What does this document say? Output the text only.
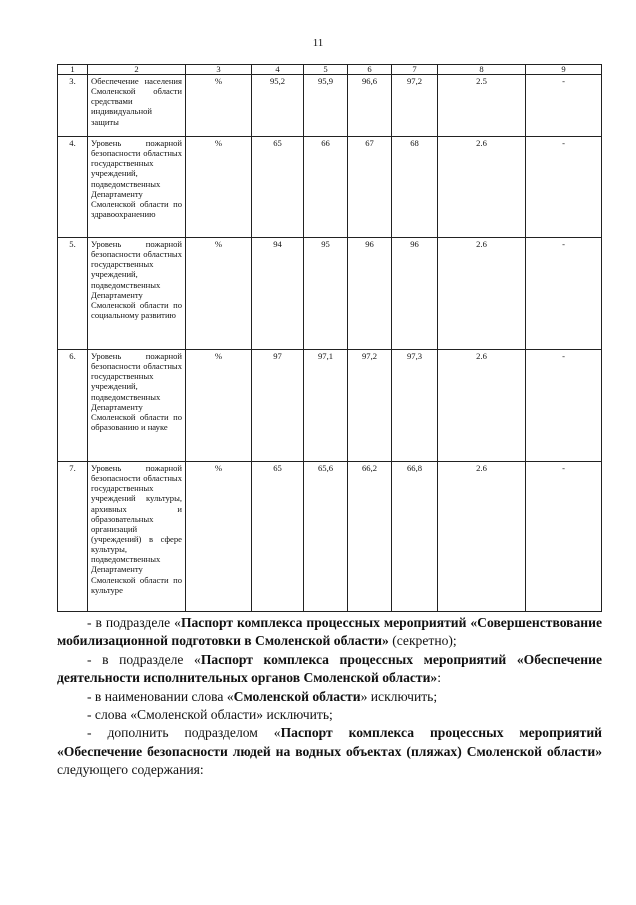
11
1	2	3	4	5	6	7	8	9
3.	Обеспечение населения Смоленской области средствами индивидуальной защиты	%	95,2	95,9	96,6	97,2	2.5	-
4.	Уровень пожарной безопасности областных государственных учреждений, подведомственных Департаменту Смоленской области по здравоохранению	%	65	66	67	68	2.6	-
5.	Уровень пожарной безопасности областных государственных учреждений, подведомственных Департаменту Смоленской области по социальному развитию	%	94	95	96	96	2.6	-
6.	Уровень пожарной безопасности областных государственных учреждений, подведомственных Департаменту Смоленской области по образованию и науке	%	97	97,1	97,2	97,3	2.6	-
7.	Уровень пожарной безопасности областных государственных учреждений культуры, архивных и образовательных организаций (учреждений) в сфере культуры, подведомственных Департаменту Смоленской области по культуре	%	65	65,6	66,2	66,8	2.6	-

- в подразделе «Паспорт комплекса процессных мероприятий «Совершенствование мобилизационной подготовки в Смоленской области» (секретно);

- в подразделе «Паспорт комплекса процессных мероприятий «Обеспечение деятельности исполнительных органов Смоленской области»:

- в наименовании слова «Смоленской области» исключить;

- слова «Смоленской области» исключить;

- дополнить подразделом «Паспорт комплекса процессных мероприятий «Обеспечение безопасности людей на водных объектах (пляжах) Смоленской области» следующего содержания:
